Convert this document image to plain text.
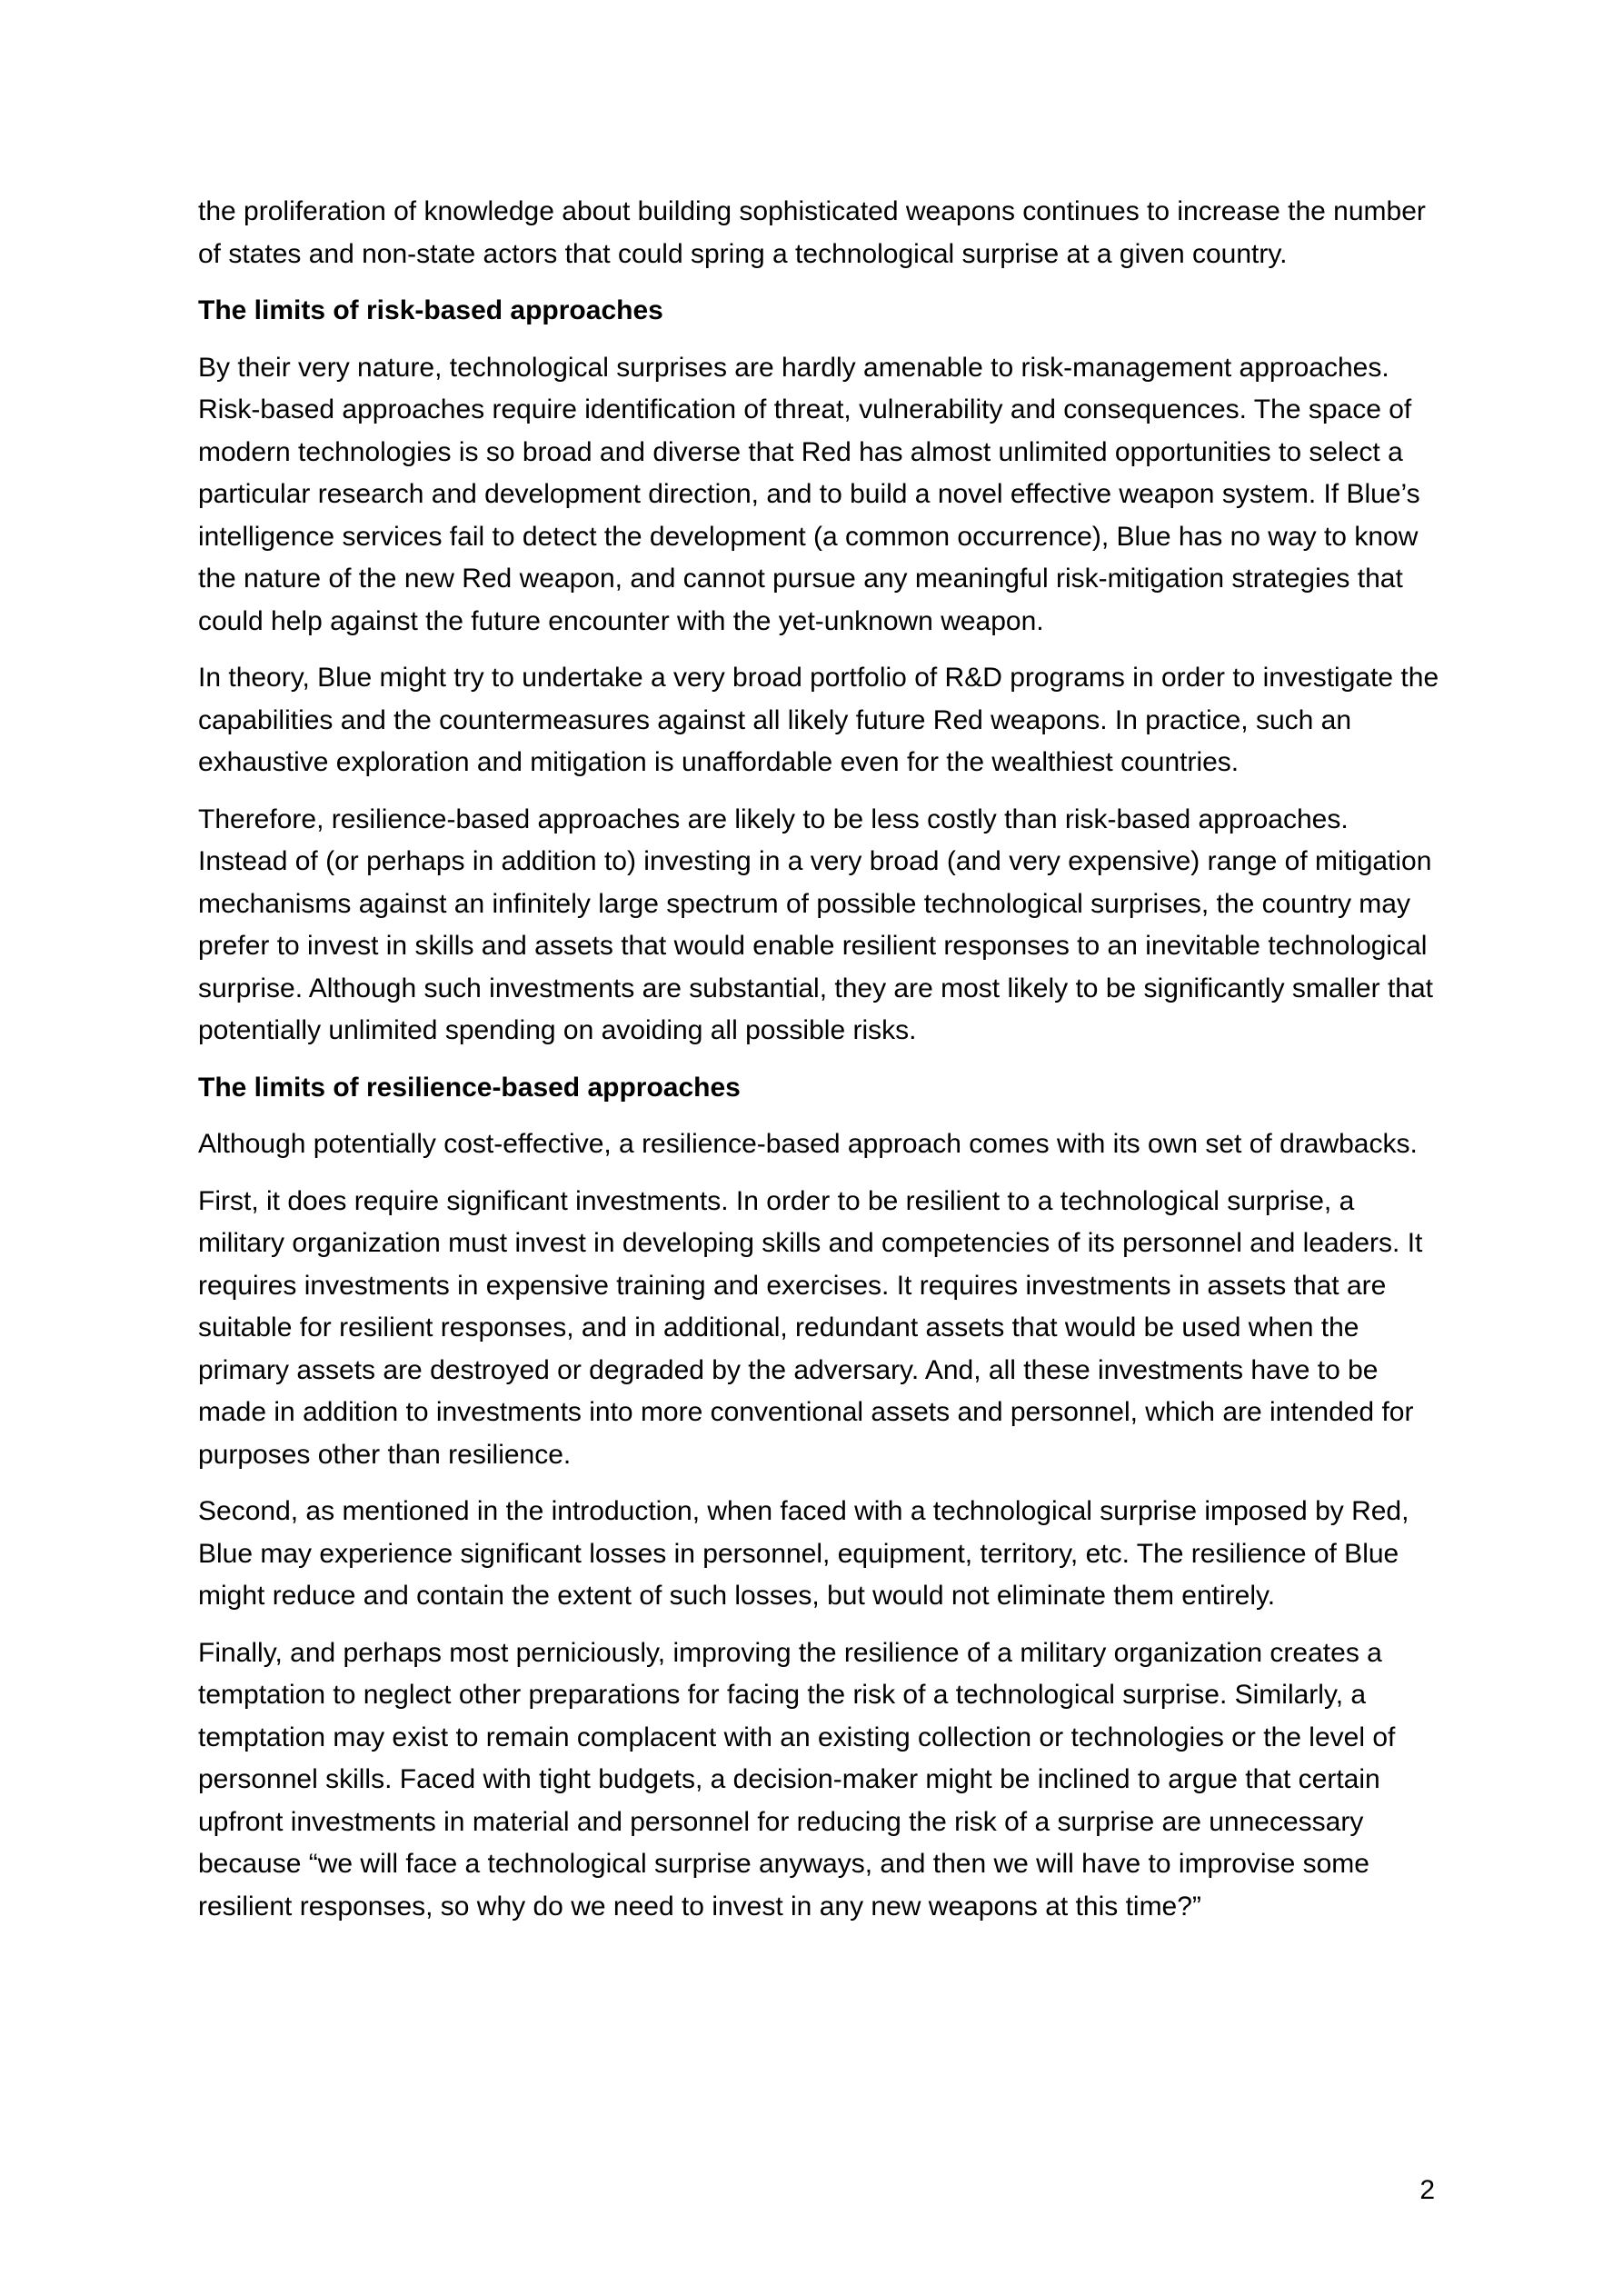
the proliferation of knowledge about building sophisticated weapons continues to increase the number of states and non-state actors that could spring a technological surprise at a given country.

The limits of risk-based approaches

By their very nature, technological surprises are hardly amenable to risk-management approaches. Risk-based approaches require identification of threat, vulnerability and consequences. The space of modern technologies is so broad and diverse that Red has almost unlimited opportunities to select a particular research and development direction, and to build a novel effective weapon system. If Blue’s intelligence services fail to detect the development (a common occurrence), Blue has no way to know the nature of the new Red weapon, and cannot pursue any meaningful risk-mitigation strategies that could help against the future encounter with the yet-unknown weapon.

In theory, Blue might try to undertake a very broad portfolio of R&D programs in order to investigate the capabilities and the countermeasures against all likely future Red weapons. In practice, such an exhaustive exploration and mitigation is unaffordable even for the wealthiest countries.

Therefore, resilience-based approaches are likely to be less costly than risk-based approaches. Instead of (or perhaps in addition to) investing in a very broad (and very expensive) range of mitigation mechanisms against an infinitely large spectrum of possible technological surprises, the country may prefer to invest in skills and assets that would enable resilient responses to an inevitable technological surprise. Although such investments are substantial, they are most likely to be significantly smaller that potentially unlimited spending on avoiding all possible risks.

The limits of resilience-based approaches

Although potentially cost-effective, a resilience-based approach comes with its own set of drawbacks.

First, it does require significant investments. In order to be resilient to a technological surprise, a military organization must invest in developing skills and competencies of its personnel and leaders. It requires investments in expensive training and exercises. It requires investments in assets that are suitable for resilient responses, and in additional, redundant assets that would be used when the primary assets are destroyed or degraded by the adversary. And, all these investments have to be made in addition to investments into more conventional assets and personnel, which are intended for purposes other than resilience.

Second, as mentioned in the introduction, when faced with a technological surprise imposed by Red, Blue may experience significant losses in personnel, equipment, territory, etc. The resilience of Blue might reduce and contain the extent of such losses, but would not eliminate them entirely.

Finally, and perhaps most perniciously, improving the resilience of a military organization creates a temptation to neglect other preparations for facing the risk of a technological surprise. Similarly, a temptation may exist to remain complacent with an existing collection or technologies or the level of personnel skills. Faced with tight budgets, a decision-maker might be inclined to argue that certain upfront investments in material and personnel for reducing the risk of a surprise are unnecessary because “we will face a technological surprise anyways, and then we will have to improvise some resilient responses, so why do we need to invest in any new weapons at this time?”

2
